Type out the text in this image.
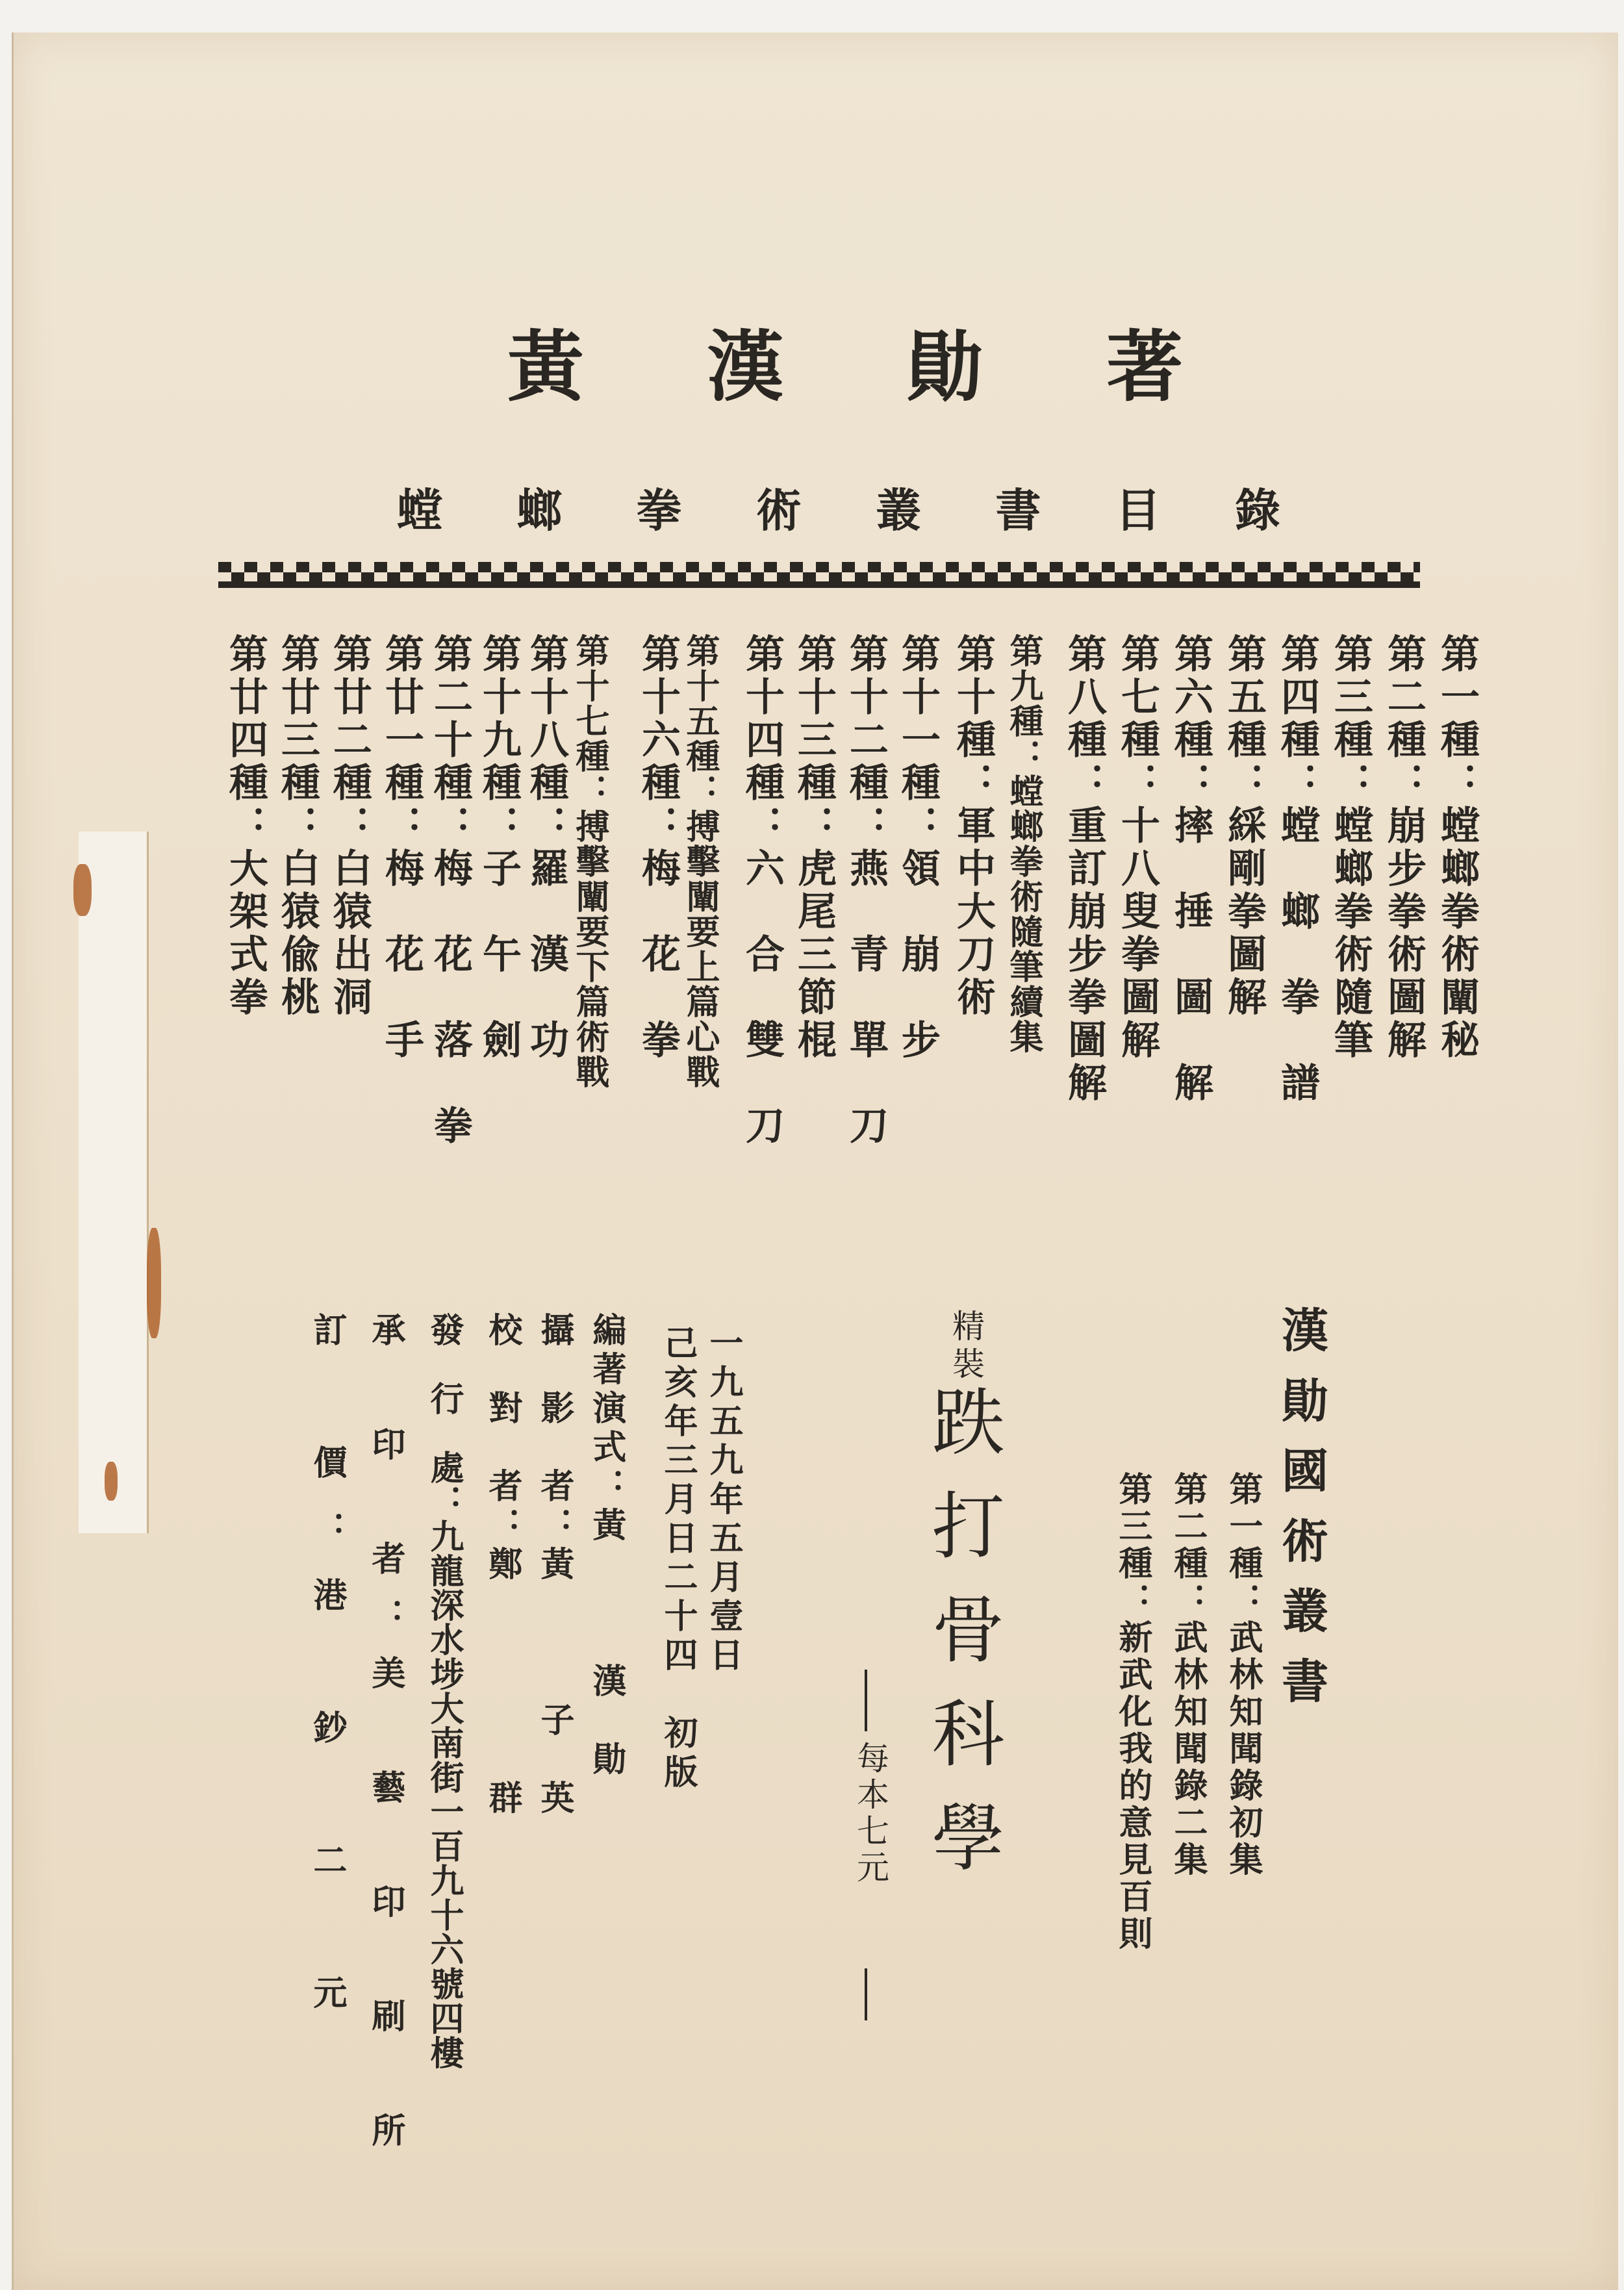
黃 漢 勛 著
螳 螂 拳 術 叢 書 目 錄

第一種：螳螂拳術闡秘

第二種：崩步拳術圖解

第三種：螳螂拳術隨筆

第四種：螳　螂　拳　譜

第五種：綵剛拳圖解

第六種：摔　捶　圖　解

第七種：十八叟拳圖解

第八種：重訂崩步拳圖解

第九種：螳螂拳術隨筆續集

第十種：軍中大刀術

第十一種：領　崩　步

第十二種：燕　青　單　刀

第十三種：虎尾三節棍

第十四種：六　合　雙　刀

第十五種：搏擊闡要上篇心戰

第十六種：梅　花　拳

第十七種：搏擊闡要下篇術戰

第十八種：羅　漢　功

第十九種：子　午　劍

第二十種：梅　花　落　拳

第廿一種：梅　花　手

第廿二種：白猿出洞

第廿三種：白猿偸桃

第廿四種：大架式拳

漢勛國術叢書

第一種：武林知聞錄初集

第二種：武林知聞錄二集

第三種：新武化我的意見百則

精裝

跌打骨科學

每本七元

一九五九年五月壹日

己亥年三月日二十四　初版

編著演式：黃　　　漢　勛

攝　影　者：黃　　　子　英

校　對　者：鄭　　　　　群

發　行　處：九龍深水埗大南街一百九十六號四樓

承　印　者：美　藝　印　刷　所

訂　價：港　鈔　二　元
